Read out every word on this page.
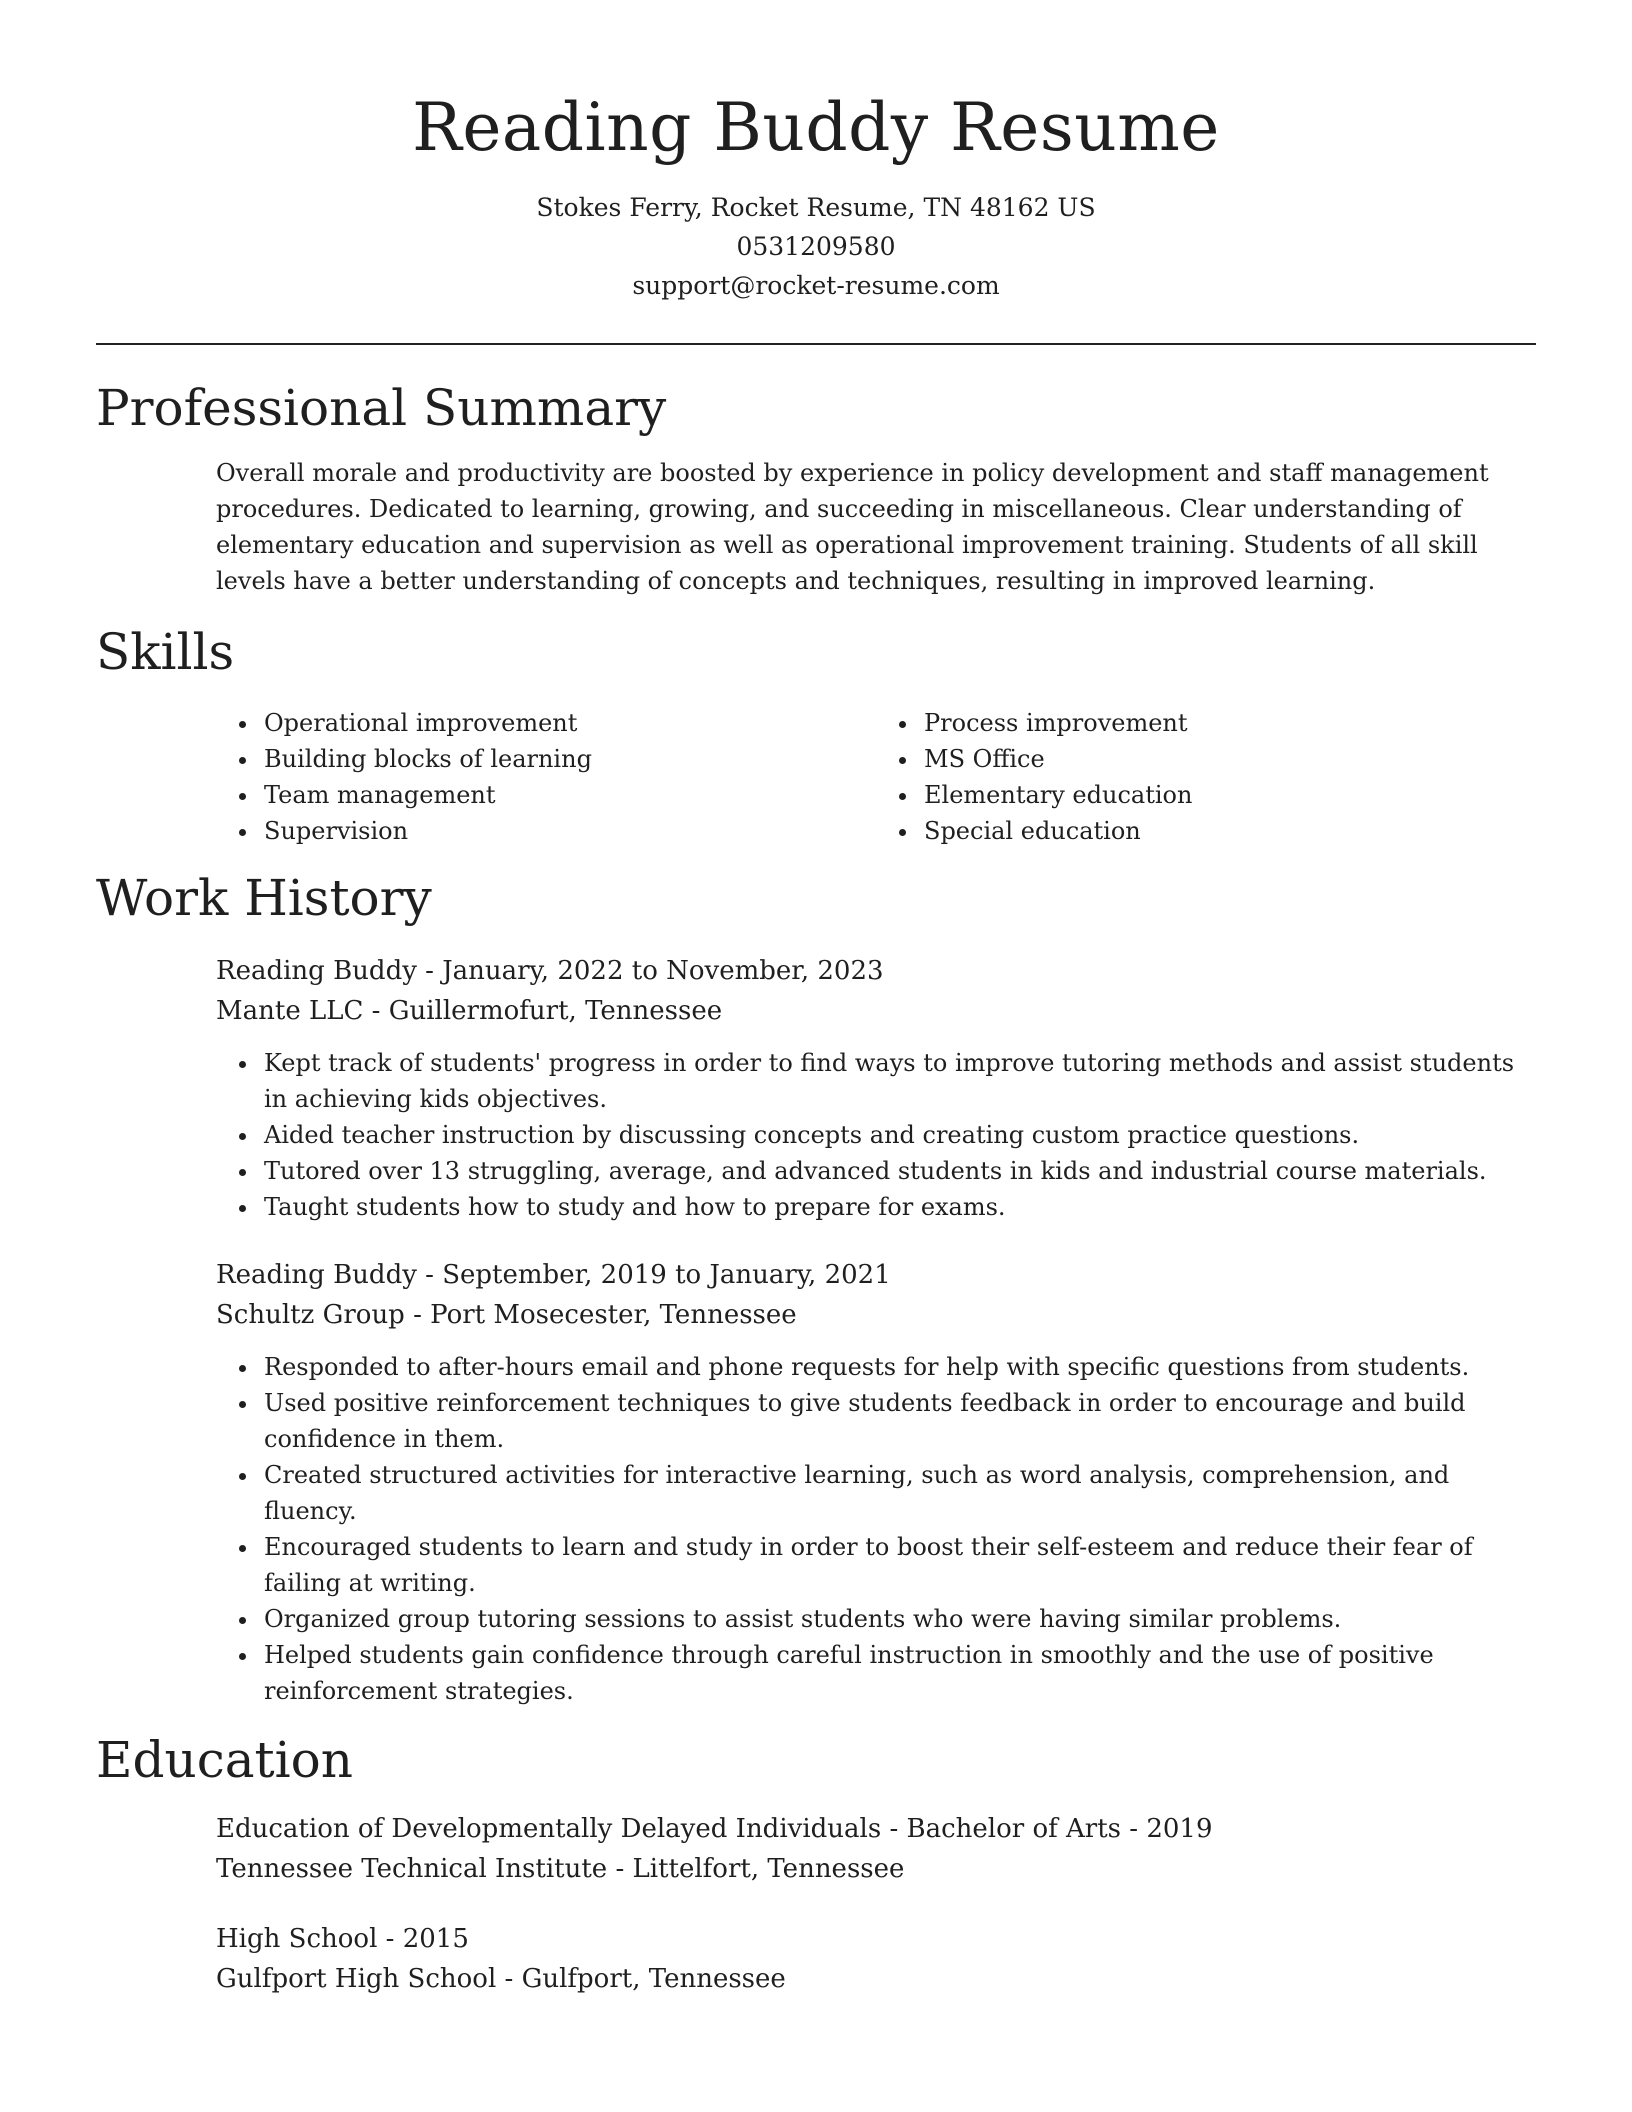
Reading Buddy Resume
Stokes Ferry, Rocket Resume, TN 48162 US
0531209580
support@rocket-resume.com
Professional Summary

Overall morale and productivity are boosted by experience in policy development and staff management procedures. Dedicated to learning, growing, and succeeding in miscellaneous. Clear understanding of elementary education and supervision as well as operational improvement training. Students of all skill levels have a better understanding of concepts and techniques, resulting in improved learning.

Skills
• Operational improvement
• Building blocks of learning
• Team management
• Supervision
• Process improvement
• MS Office
• Elementary education
• Special education
Work History
Reading Buddy - January, 2022 to November, 2023
Mante LLC - Guillermofurt, Tennessee
• Kept track of students' progress in order to find ways to improve tutoring methods and assist students in achieving kids objectives.
• Aided teacher instruction by discussing concepts and creating custom practice questions.
• Tutored over 13 struggling, average, and advanced students in kids and industrial course materials.
• Taught students how to study and how to prepare for exams.
Reading Buddy - September, 2019 to January, 2021
Schultz Group - Port Mosecester, Tennessee
• Responded to after-hours email and phone requests for help with specific questions from students.
• Used positive reinforcement techniques to give students feedback in order to encourage and build confidence in them.
• Created structured activities for interactive learning, such as word analysis, comprehension, and fluency.
• Encouraged students to learn and study in order to boost their self-esteem and reduce their fear of failing at writing.
• Organized group tutoring sessions to assist students who were having similar problems.
• Helped students gain confidence through careful instruction in smoothly and the use of positive reinforcement strategies.
Education
Education of Developmentally Delayed Individuals - Bachelor of Arts - 2019
Tennessee Technical Institute - Littelfort, Tennessee
High School - 2015
Gulfport High School - Gulfport, Tennessee
